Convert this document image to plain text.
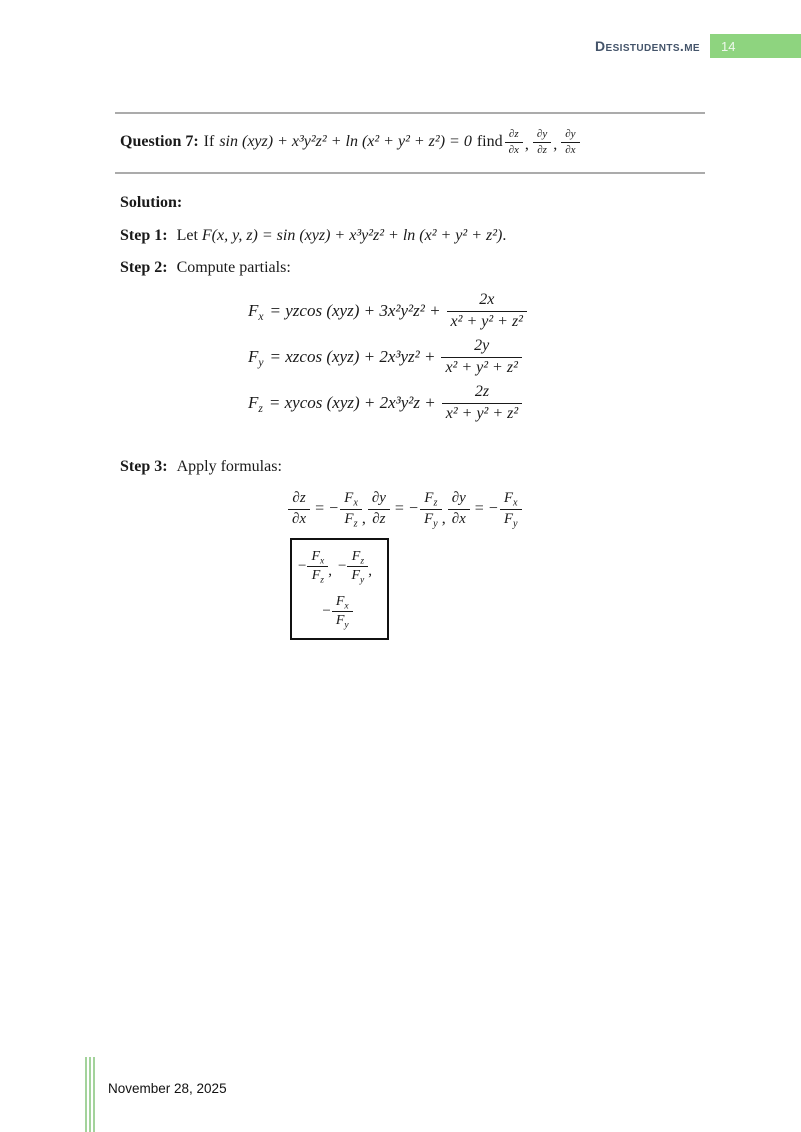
Desistudents.me	14
Question 7: If sin (xyz) + x³y²z² + ln (x² + y² + z²) = 0 find $\frac{\partial z}{\partial x}$ , $\frac{\partial y}{\partial z}$ , $\frac{\partial y}{\partial x}$
Solution:
Step 1: Let F(x, y, z) = sin (xyz) + x³y²z² + ln (x² + y² + z²).
Step 2: Compute partials:
$F_x = yzcos$ $(xyz) + 3x^2y^2z^2 + \frac{2x}{\text{x² + y² + z²}}$
$F_y = xzcos$ $(xyz) + 2x^3yz^2 + \frac{2y}{\text{x² + y² + z²}}$
$F_z = xycos$ $(xyz) + 2x^3y^2z + \frac{2z}{\text{x² + y² + z²}}$
Step 3: Apply formulas:
$\frac{\partial z}{\partial x}$ = − $\frac{F_x}{F_z}$ , $\frac{\partial y}{\partial z}$ = − $\frac{F_z}{F_y}$ , $\frac{\partial y}{\partial x}$ = − $\frac{F_x}{F_y}$
− $\frac{F_x}{F_z}$ , − $\frac{F_z}{F_y}$ ,
− $\frac{F_x}{F_y}$
November 28, 2025
